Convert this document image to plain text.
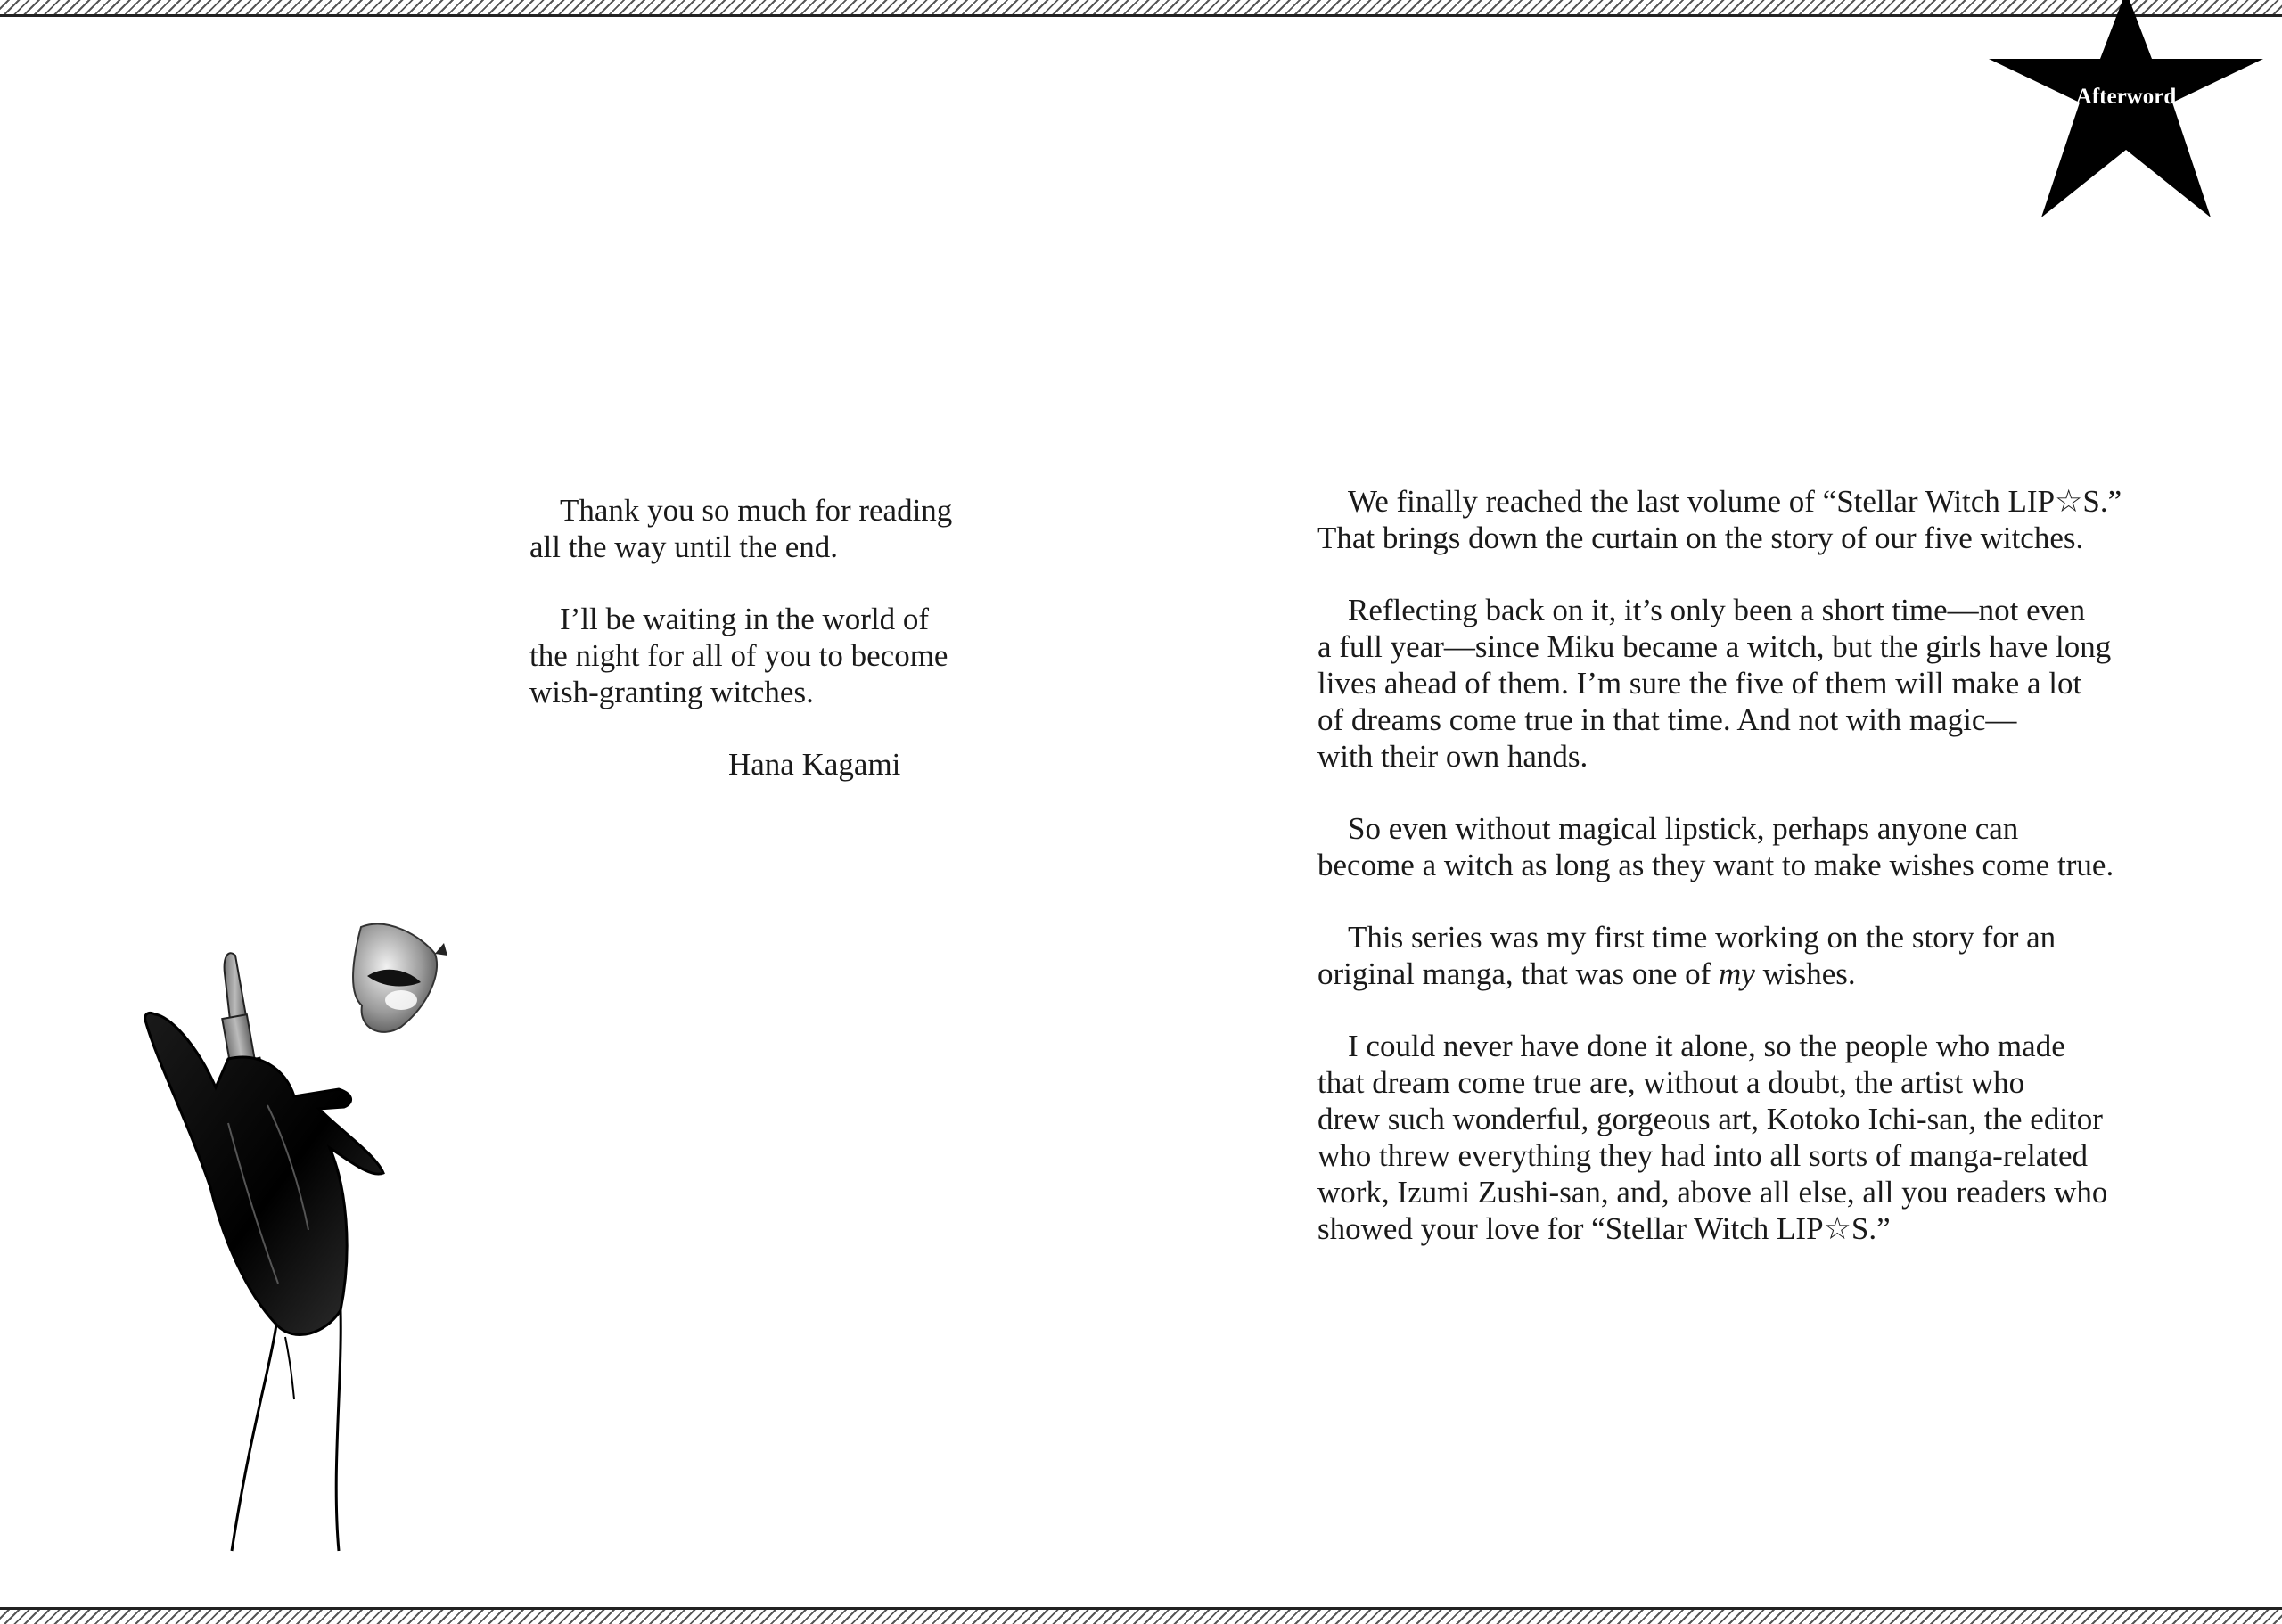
Afterword

Thank you so much for reading
all the way until the end.

I’ll be waiting in the world of
the night for all of you to become
wish-granting witches.

Hana Kagami

We finally reached the last volume of “Stellar Witch LIP☆S.”
That brings down the curtain on the story of our five witches.

Reflecting back on it, it’s only been a short time—not even
a full year—since Miku became a witch, but the girls have long
lives ahead of them. I’m sure the five of them will make a lot
of dreams come true in that time. And not with magic—
with their own hands.

So even without magical lipstick, perhaps anyone can
become a witch as long as they want to make wishes come true.

This series was my first time working on the story for an
original manga, that was one of my wishes.

I could never have done it alone, so the people who made
that dream come true are, without a doubt, the artist who
drew such wonderful, gorgeous art, Kotoko Ichi-san, the editor
who threw everything they had into all sorts of manga-related
work, Izumi Zushi-san, and, above all else, all you readers who
showed your love for “Stellar Witch LIP☆S.”
